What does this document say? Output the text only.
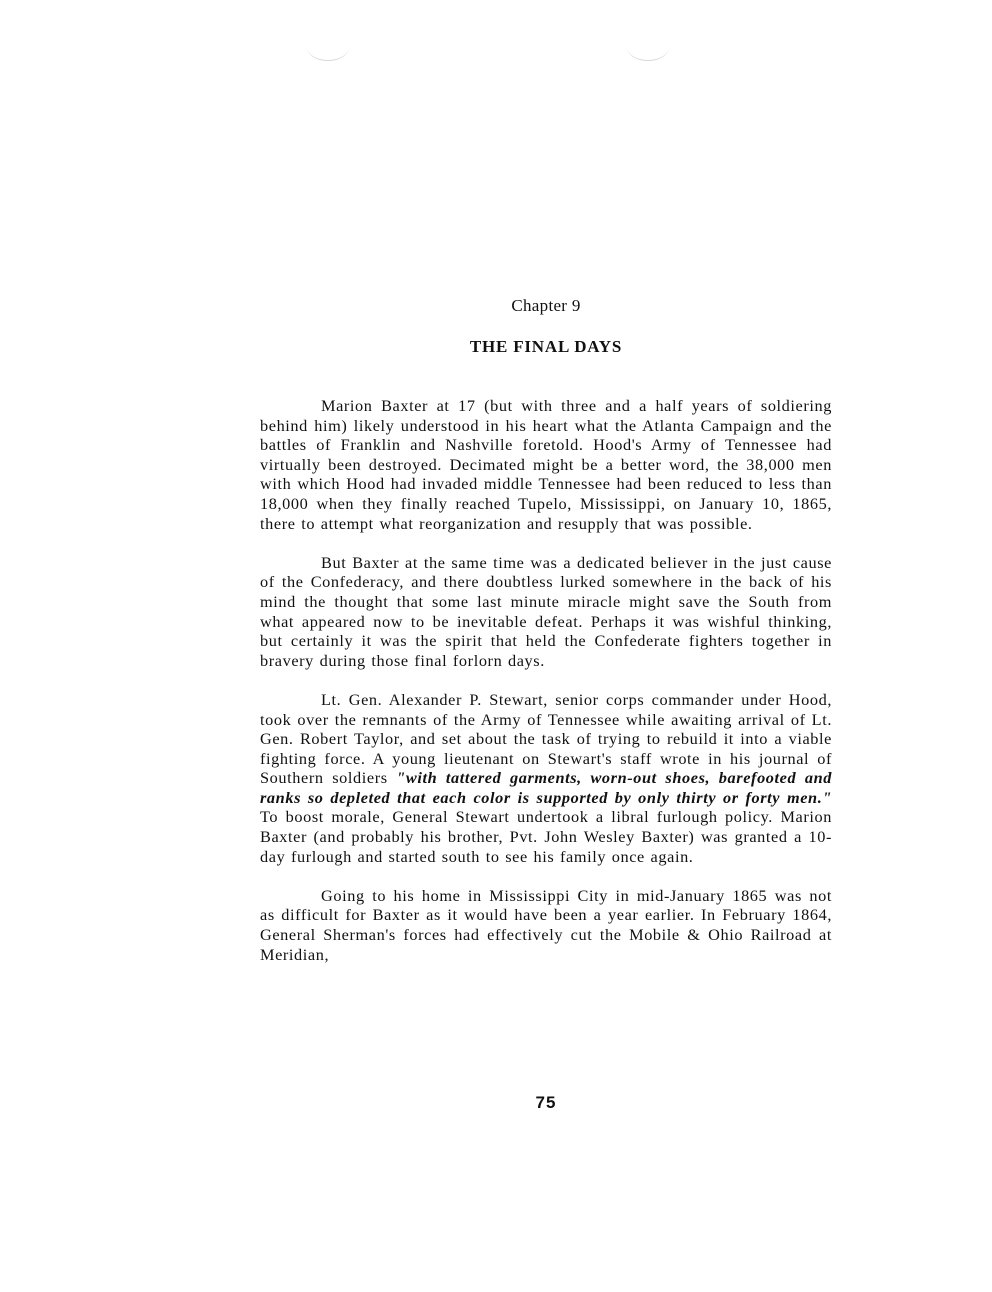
Chapter 9
THE FINAL DAYS

Marion Baxter at 17 (but with three and a half years of soldiering behind him) likely understood in his heart what the Atlanta Campaign and the battles of Franklin and Nashville foretold. Hood's Army of Tennessee had virtually been destroyed. Decimated might be a better word, the 38,000 men with which Hood had invaded middle Tennessee had been reduced to less than 18,000 when they finally reached Tupelo, Mississippi, on January 10, 1865, there to attempt what reorganization and resupply that was possible.

But Baxter at the same time was a dedicated believer in the just cause of the Confederacy, and there doubtless lurked somewhere in the back of his mind the thought that some last minute miracle might save the South from what appeared now to be inevitable defeat. Perhaps it was wishful thinking, but certainly it was the spirit that held the Confederate fighters together in bravery during those final forlorn days.

Lt. Gen. Alexander P. Stewart, senior corps commander under Hood, took over the remnants of the Army of Tennessee while awaiting arrival of Lt. Gen. Robert Taylor, and set about the task of trying to rebuild it into a viable fighting force. A young lieutenant on Stewart's staff wrote in his journal of Southern soldiers "with tattered garments, worn-out shoes, barefooted and ranks so depleted that each color is supported by only thirty or forty men." To boost morale, General Stewart undertook a libral furlough policy. Marion Baxter (and probably his brother, Pvt. John Wesley Baxter) was granted a 10-day furlough and started south to see his family once again.

Going to his home in Mississippi City in mid-January 1865 was not as difficult for Baxter as it would have been a year earlier. In February 1864, General Sherman's forces had effectively cut the Mobile & Ohio Railroad at Meridian,

75
